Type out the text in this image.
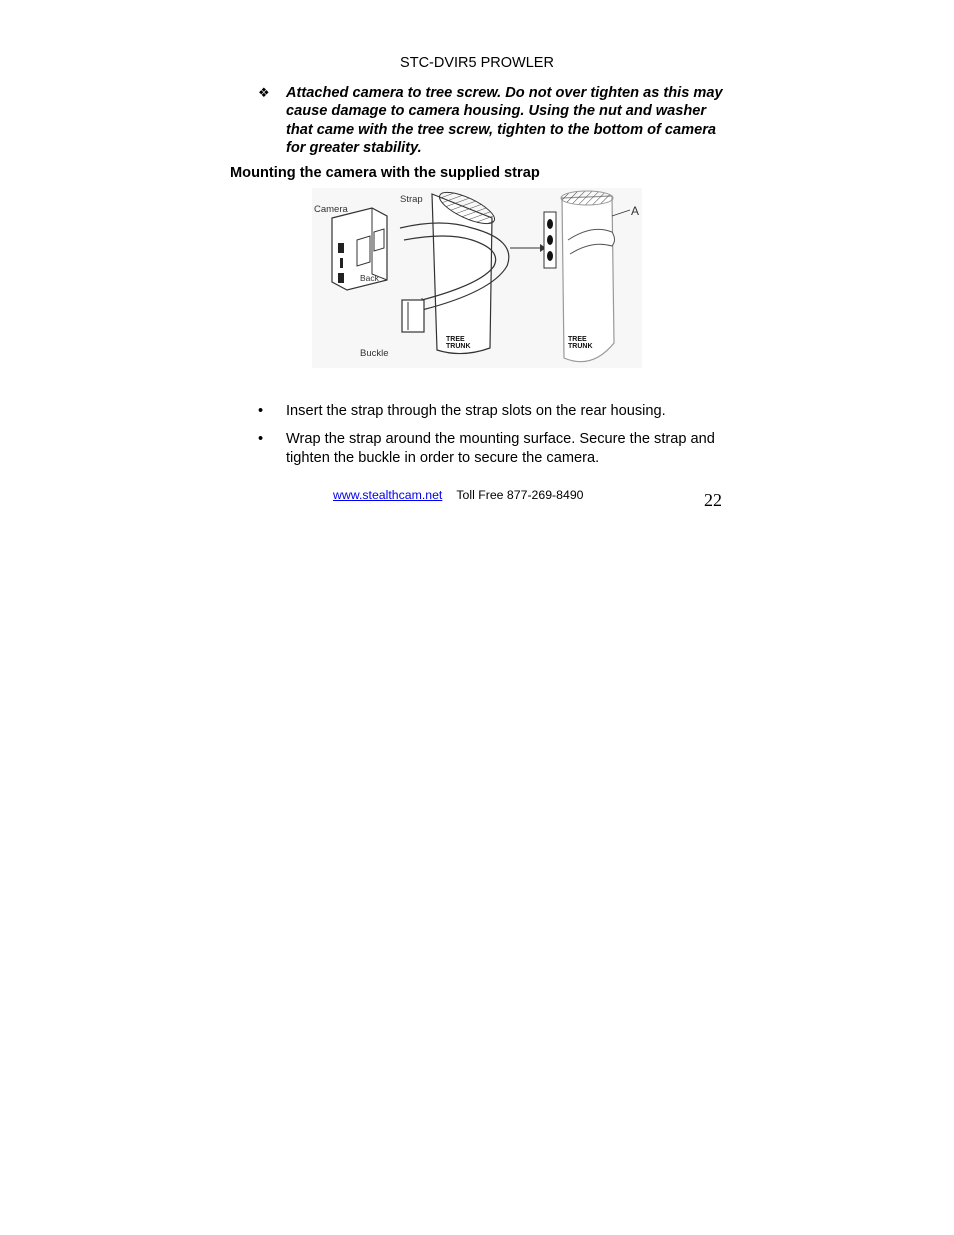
STC-DVIR5 PROWLER
❖ Attached camera to tree screw. Do not over tighten as this may cause damage to camera housing. Using the nut and washer that came with the tree screw, tighten to the bottom of camera for greater stability.
Mounting the camera with the supplied strap
Camera
Strap
Back
Buckle
TREE
TRUNK
TREE
TRUNK
A
• Insert the strap through the strap slots on the rear housing.
• Wrap the strap around the mounting surface. Secure the strap and tighten the buckle in order to secure the camera.
www.stealthcam.net Toll Free 877-269-8490	22
